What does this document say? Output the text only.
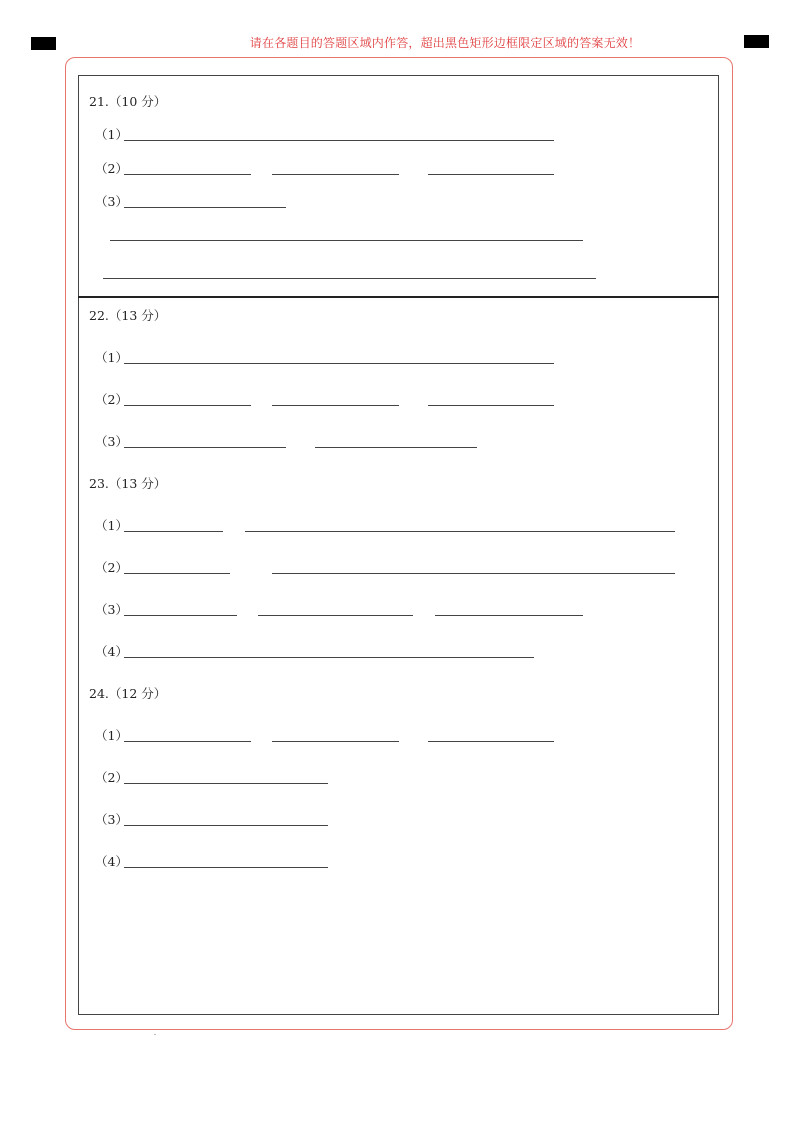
请在各题目的答题区域内作答，超出黑色矩形边框限定区域的答案无效！
21.（10 分）
（1）
（2）
（3）
22.（13 分）
（1）
（2）
（3）
23.（13 分）
（1）
（2）
（3）
（4）
24.（12 分）
（1）
（2）
（3）
（4）
